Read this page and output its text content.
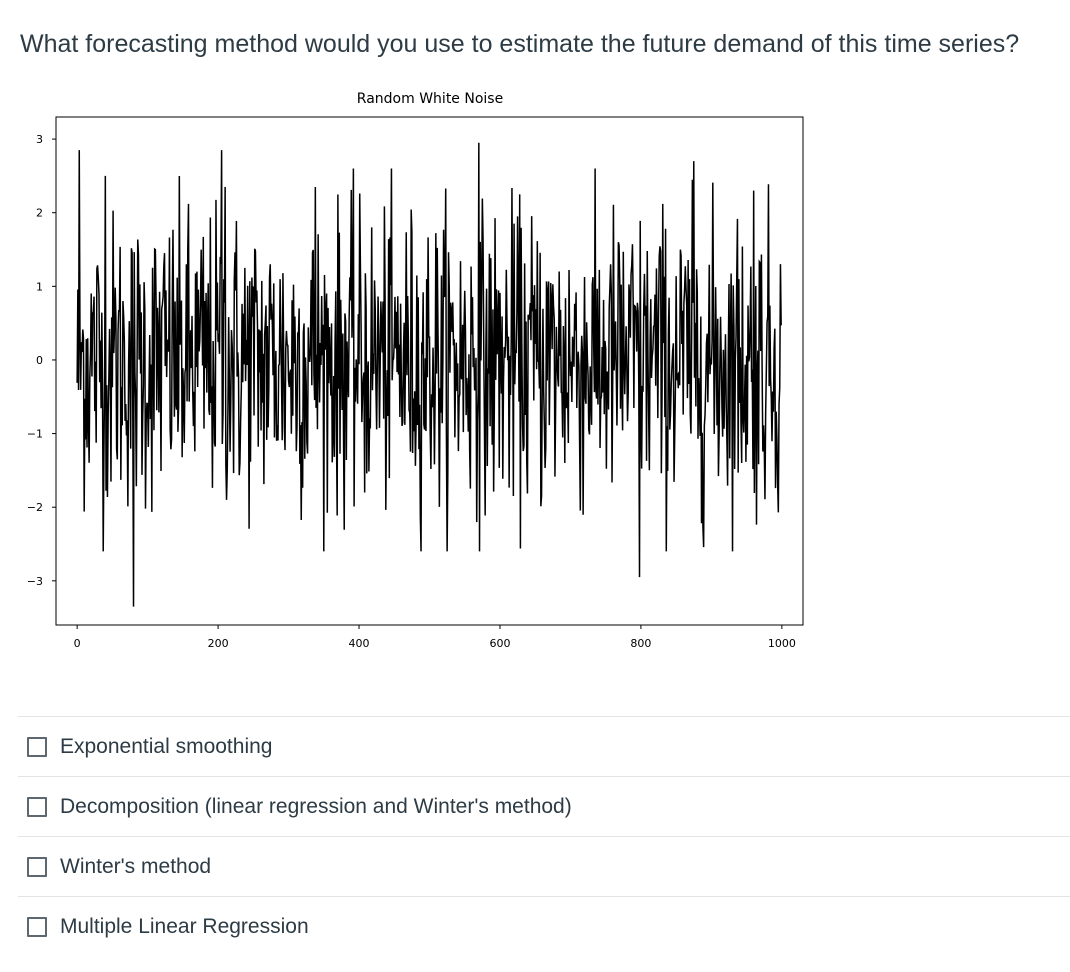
What forecasting method would you use to estimate the future demand of this time series?
Random White Noise
3
2
1
0
−1
−2
−3
0	200	400	600	800	1000
Exponential smoothing
Decomposition (linear regression and Winter's method)
Winter's method
Multiple Linear Regression
